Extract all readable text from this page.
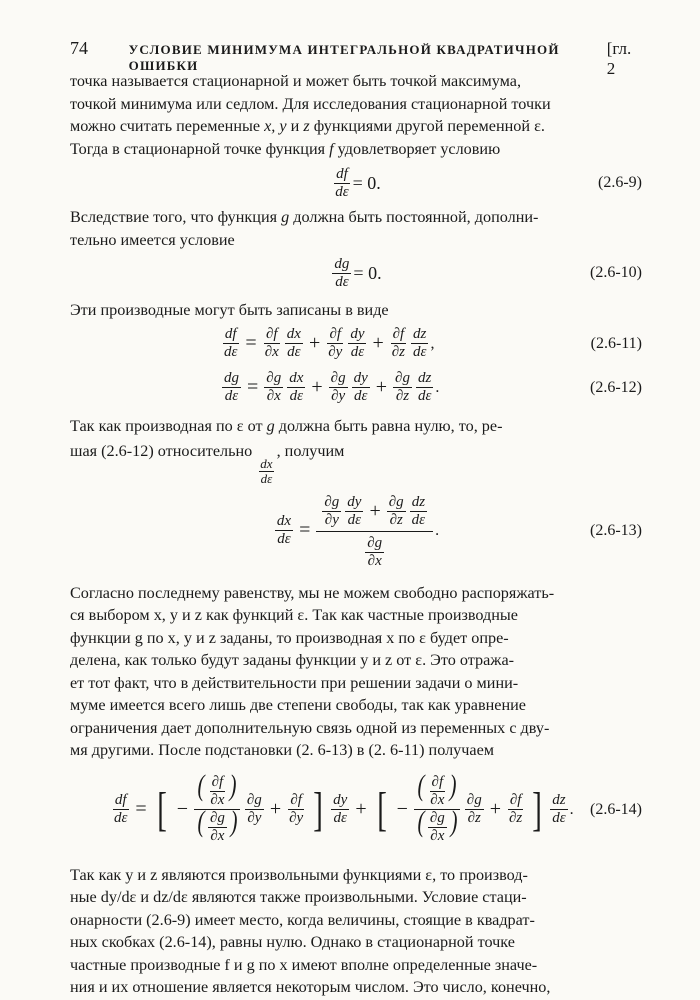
74	УСЛОВИЕ МИНИМУМА ИНТЕГРАЛЬНОЙ КВАДРАТИЧНОЙ ОШИБКИ
[гл. 2

точка называется стационарной и может быть точкой максимума,
точкой минимума или седлом. Для исследования стационарной точки
можно считать переменные x, y и z функциями другой переменной ε.
Тогда в стационарной точке функция f удовлетворяет условию

$\frac{df}{d\varepsilon} = 0$.	(2.6-9)

Вследствие того, что функция g должна быть постоянной, дополни-
тельно имеется условие

$\frac{dg}{d\varepsilon} = 0$.	(2.6-10)

Эти производные могут быть записаны в виде

$\frac{df}{d\varepsilon} = \frac{\partial f}{\partial x} \frac{dx}{d\varepsilon} + \frac{\partial f}{\partial y} \frac{dy}{d\varepsilon} + \frac{\partial f}{\partial z} \frac{dz}{d\varepsilon}$ ,	(2.6-11)
$\frac{dg}{d\varepsilon} = \frac{\partial g}{\partial x} \frac{dx}{d\varepsilon} + \frac{\partial g}{\partial y} \frac{dy}{d\varepsilon} + \frac{\partial g}{\partial z} \frac{dz}{d\varepsilon}$ .	(2.6-12)

Так как производная по ε от g должна быть равна нулю, то, ре-
шая (2.6-12) относительно
$\frac{dx}{d\varepsilon}$
, получим

$\frac{dx}{d\varepsilon} = \frac{\frac{\partial g}{\partial y} \frac{dy}{d\varepsilon} + \frac{\partial g}{\partial z} \frac{dz}{d\varepsilon}}{\frac{\partial g}{\partial x}}$ .	(2.6-13)

Согласно последнему равенству, мы не можем свободно распоряжать-
ся выбором x, y и z как функций ε. Так как частные производные
функции g по x, y и z заданы, то производная x по ε будет опре-
делена, как только будут заданы функции y и z от ε. Это отража-
ет тот факт, что в действительности при решении задачи о мини-
муме имеется всего лишь две степени свободы, так как уравнение
ограничения дает дополнительную связь одной из переменных с дву-
мя другими. После подстановки (2. 6-13) в (2. 6-11) получаем

$\frac{df}{d\varepsilon}$ = [ − $\frac{( \frac{\partial f}{\partial x} )}{( \frac{\partial g}{\partial x} )} \frac{\partial g}{\partial y} + \frac{\partial f}{\partial y}$ ] $\frac{dy}{d\varepsilon}$ + [ − $\frac{( \frac{\partial f}{\partial x} )}{( \frac{\partial g}{\partial x} )} \frac{\partial g}{\partial z} + \frac{\partial f}{\partial z}$ ] $\frac{dz}{d\varepsilon}$ . (2.6-14)

Так как y и z являются произвольными функциями ε, то производ-
ные dy/dε и dz/dε являются также произвольными. Условие стаци-
онарности (2.6-9) имеет место, когда величины, стоящие в квадрат-
ных скобках (2.6-14), равны нулю. Однако в стационарной точке
частные производные f и g по x имеют вполне определенные значе-
ния и их отношение является некоторым числом. Это число, конечно,
